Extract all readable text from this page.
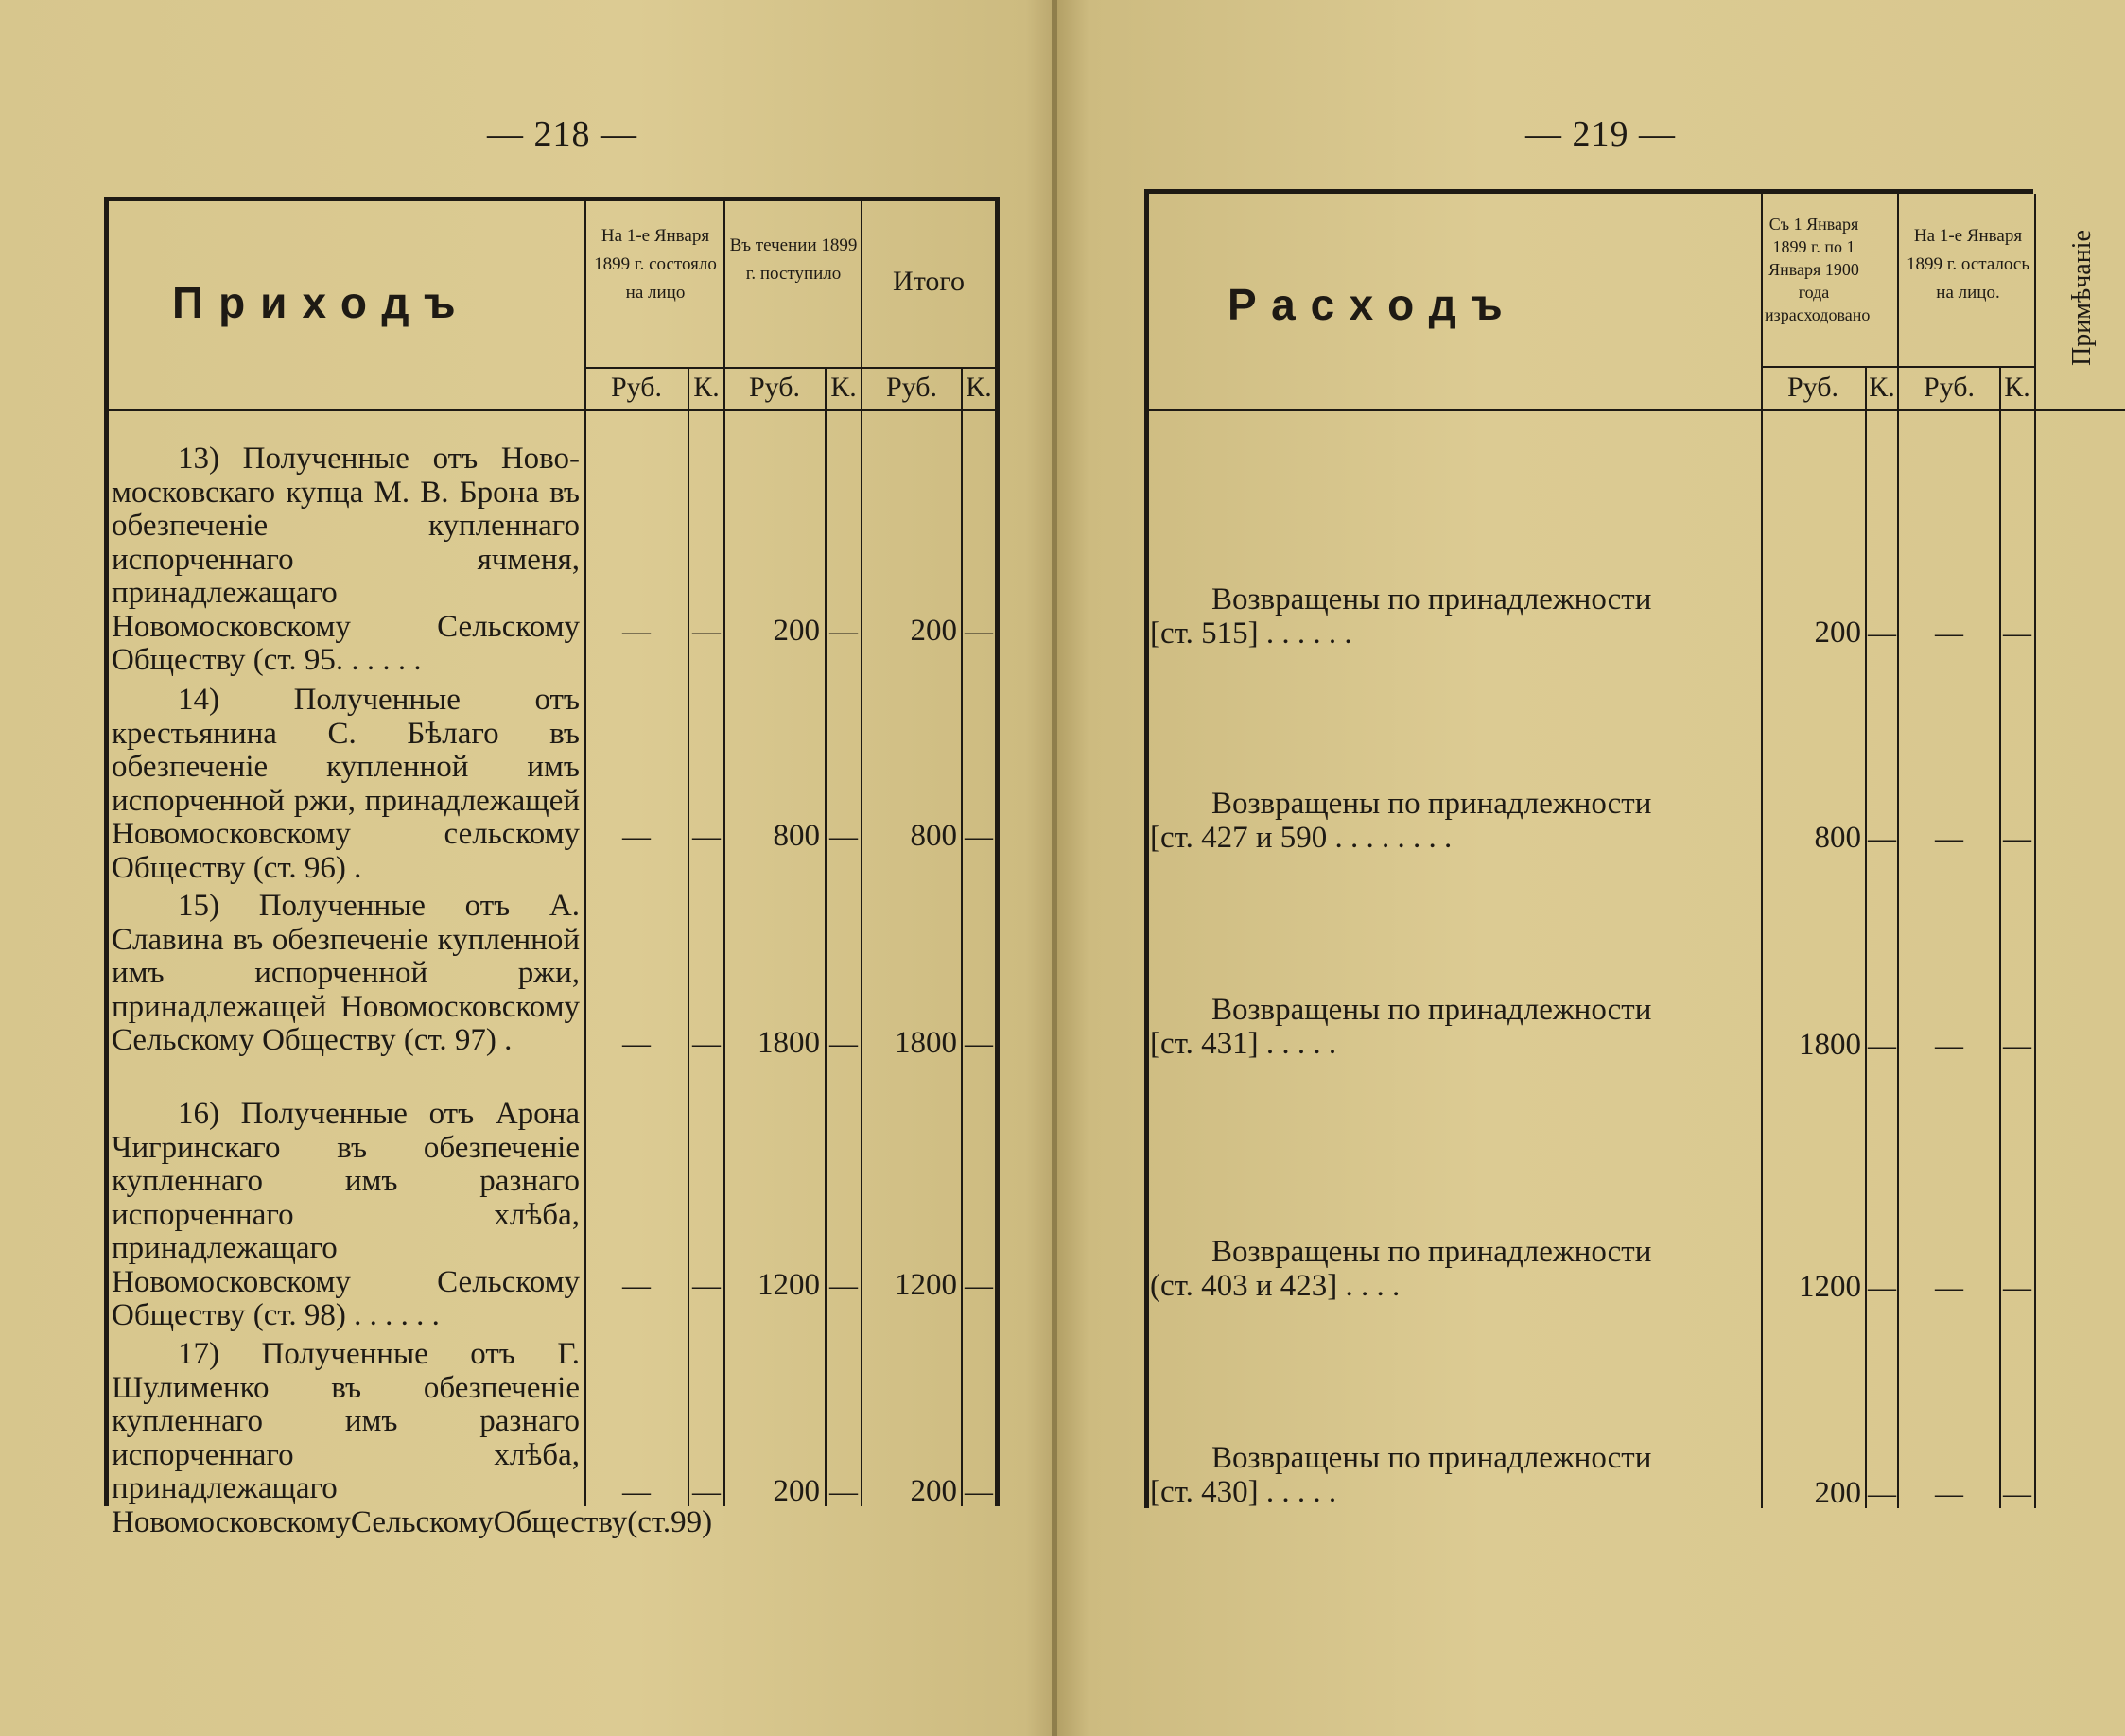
— 218 —
Приходъ
На 1-е Января 1899 г. состояло на лицо
Въ течении 1899 г. поступило	Итого
Руб.	К.	Руб.	К.	Руб.	К.
13) Полученные отъ Ново-московскаго купца М. В. Брона въ обезпеченіе купленнаго испорченнаго ячменя, принадлежащаго Новомосковскому Сельскому Обществу (ст. 95. . . . . .
—	—	200 —	200 —
14) Полученные отъ крестьянина С. Бѣлаго въ обезпеченіе купленной имъ испорченной ржи, принадлежащей Новомосковскому сельскому Обществу (ст. 96) .
—	—	800 —	800 —
15) Полученные отъ А. Славина въ обезпеченіе купленной имъ испорченной ржи, принадлежащей Новомосковскому Сельскому Обществу (ст. 97) .	—	—	1800 —	1800 —
16) Полученные отъ Арона Чигринскаго въ обезпеченіе купленнаго имъ разнаго испорченнаго хлѣба, принадлежащаго Новомосковскому Сельскому Обществу (ст. 98) . . . . . .
—	—	1200 —	1200 —
17) Полученные отъ Г. Шулименко въ обезпеченіе купленнаго имъ разнаго испорченнаго хлѣба, принадлежащаго НовомосковскомуСельскомуОбществу(ст.99)
—	—	200 —	200 —
— 219 —
Расходъ
Съ 1 Января 1899 г. по 1 Января 1900 года израсходовано
На 1-е Января 1899 г. осталось на лицо.	Примѣчаніе
Руб.	К.	Руб.	К.
Возвращены по принадлежности
[ст. 515] . . . . . .	200 —	—	—
Возвращены по принадлежности
[ст. 427 и 590 . . . . . . . .	800 —	—	—
Возвращены по принадлежности
[ст. 431] . . . . .	1800 —	—	—
Возвращены по принадлежности
(ст. 403 и 423] . . . .	1200 —	—	—
Возвращены по принадлежности
[ст. 430] . . . . .	200 —	—	—
